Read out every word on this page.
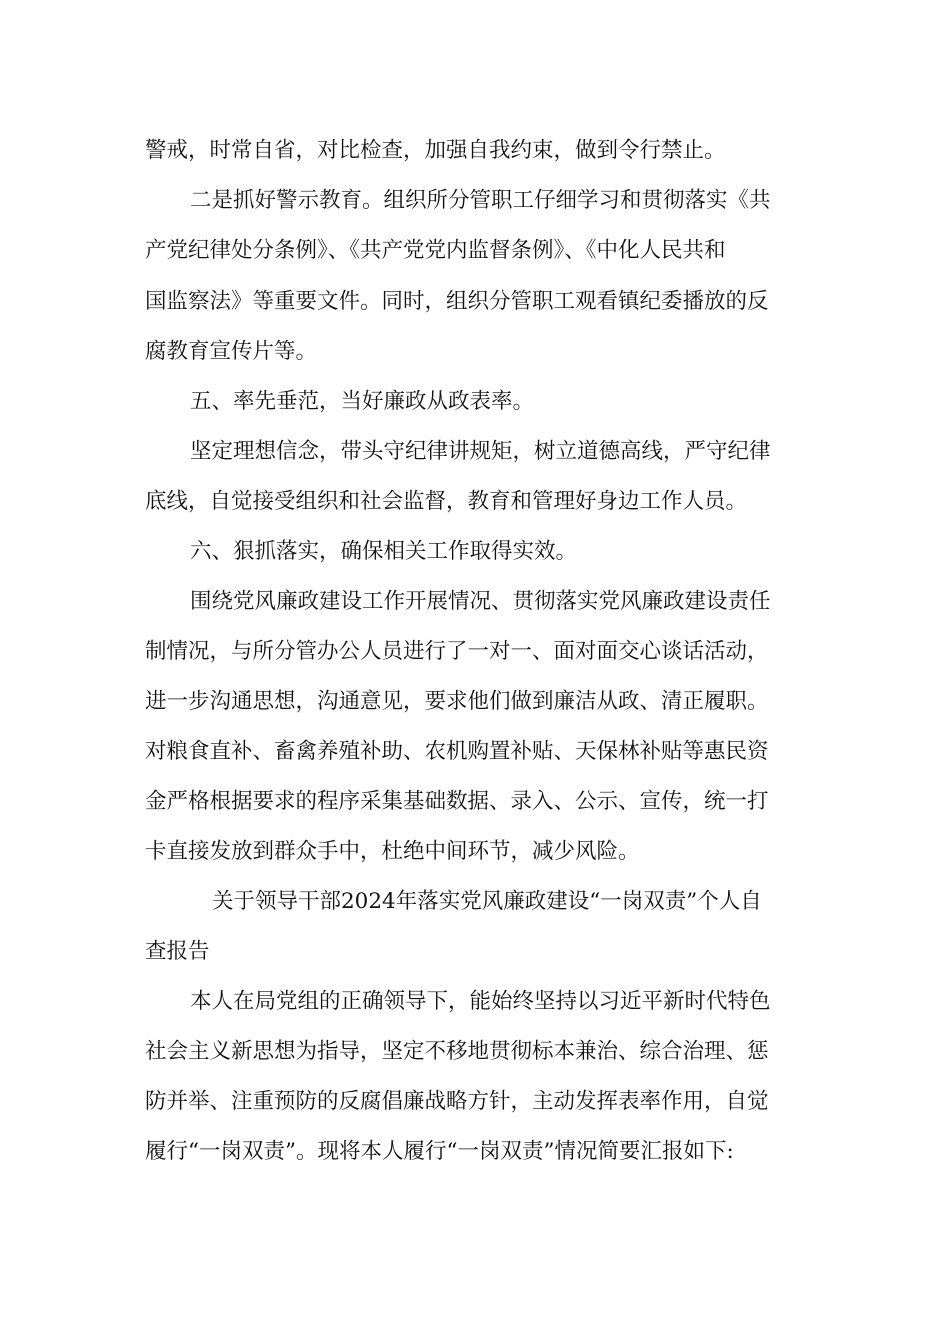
警戒，时常自省，对比检查，加强自我约束，做到令行禁止。
二是抓好警示教育。组织所分管职工仔细学习和贯彻落实《共
产党纪律处分条例》、《共产党党内监督条例》、《中化人民共和
国监察法》等重要文件。同时，组织分管职工观看镇纪委播放的反
腐教育宣传片等。
五、率先垂范，当好廉政从政表率。
坚定理想信念，带头守纪律讲规矩，树立道德高线，严守纪律
底线，自觉接受组织和社会监督，教育和管理好身边工作人员。
六、狠抓落实，确保相关工作取得实效。
围绕党风廉政建设工作开展情况、贯彻落实党风廉政建设责任
制情况，与所分管办公人员进行了一对一、面对面交心谈话活动，
进一步沟通思想，沟通意见，要求他们做到廉洁从政、清正履职。
对粮食直补、畜禽养殖补助、农机购置补贴、天保林补贴等惠民资
金严格根据要求的程序采集基础数据、录入、公示、宣传，统一打
卡直接发放到群众手中，杜绝中间环节，减少风险。
关于领导干部2024年落实党风廉政建设“一岗双责”个人自
查报告
本人在局党组的正确领导下，能始终坚持以习近平新时代特色
社会主义新思想为指导，坚定不移地贯彻标本兼治、综合治理、惩
防并举、注重预防的反腐倡廉战略方针，主动发挥表率作用，自觉
履行“一岗双责”。现将本人履行“一岗双责”情况简要汇报如下:
